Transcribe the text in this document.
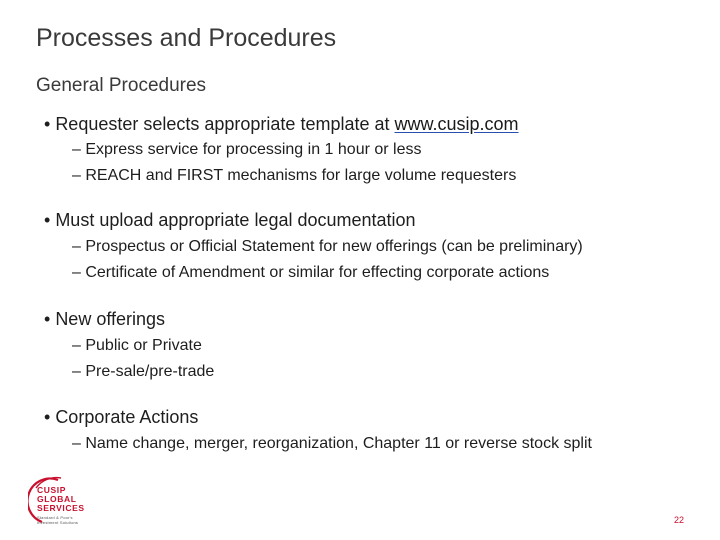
Processes and Procedures
General Procedures
• Requester selects appropriate template at www.cusip.com
– Express service for processing in 1 hour or less
– REACH and FIRST mechanisms for large volume requesters
• Must upload appropriate legal documentation
– Prospectus or Official Statement for new offerings (can be preliminary)
– Certificate of Amendment or similar for effecting corporate actions
• New offerings
– Public or Private
– Pre-sale/pre-trade
• Corporate Actions
– Name change, merger, reorganization, Chapter 11 or reverse stock split
CUSIP
GLOBAL
SERVICES
Standard & Poor's
Investment Solutions	22
